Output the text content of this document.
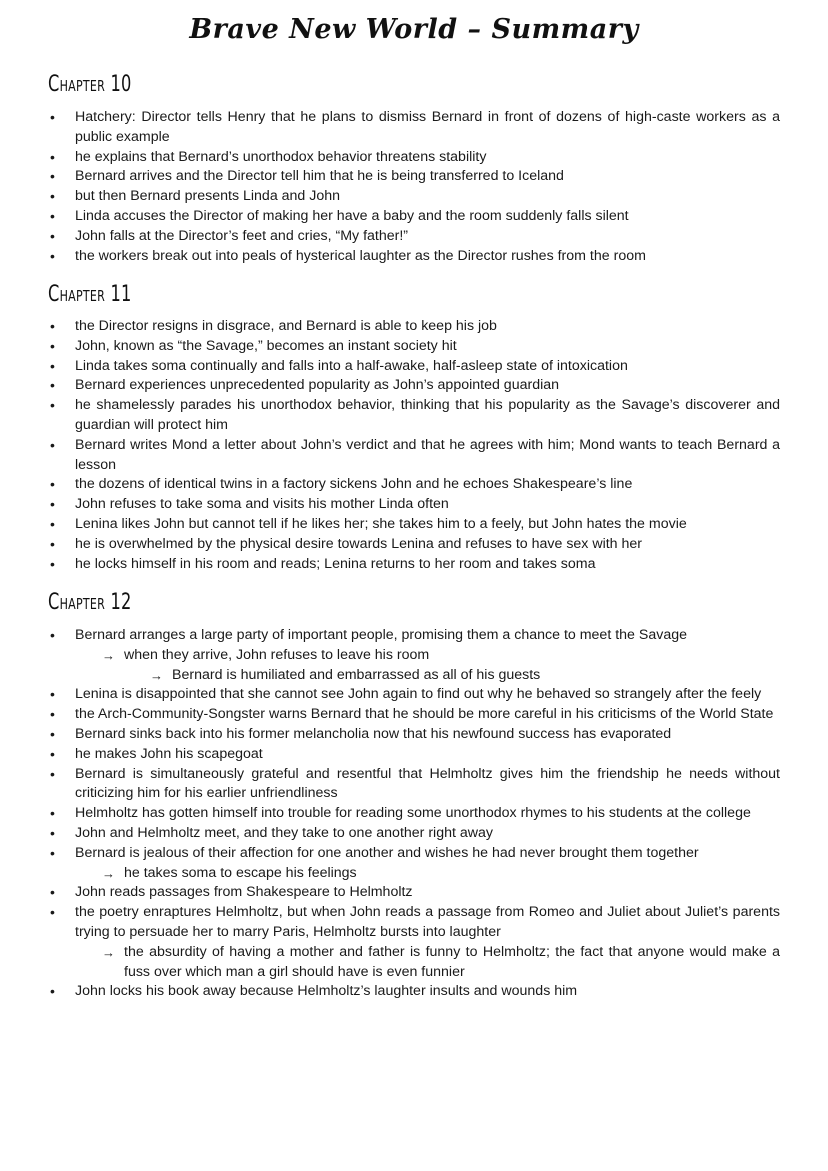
Brave New World – Summary
Chapter 10
• Hatchery: Director tells Henry that he plans to dismiss Bernard in front of dozens of high-caste workers as a public example
• he explains that Bernard’s unorthodox behavior threatens stability
• Bernard arrives and the Director tell him that he is being transferred to Iceland
• but then Bernard presents Linda and John
• Linda accuses the Director of making her have a baby and the room suddenly falls silent
• John falls at the Director’s feet and cries, “My father!”
• the workers break out into peals of hysterical laughter as the Director rushes from the room
Chapter 11
• the Director resigns in disgrace, and Bernard is able to keep his job
• John, known as “the Savage,” becomes an instant society hit
• Linda takes soma continually and falls into a half-awake, half-asleep state of intoxication
• Bernard experiences unprecedented popularity as John’s appointed guardian
• he shamelessly parades his unorthodox behavior, thinking that his popularity as the Savage’s discoverer and guardian will protect him
• Bernard writes Mond a letter about John’s verdict and that he agrees with him; Mond wants to teach Bernard a lesson
• the dozens of identical twins in a factory sickens John and he echoes Shakespeare’s line
• John refuses to take soma and visits his mother Linda often
• Lenina likes John but cannot tell if he likes her; she takes him to a feely, but John hates the movie
• he is overwhelmed by the physical desire towards Lenina and refuses to have sex with her
• he locks himself in his room and reads; Lenina returns to her room and takes soma
Chapter 12
• Bernard arranges a large party of important people, promising them a chance to meet the Savage
→ when they arrive, John refuses to leave his room
→ Bernard is humiliated and embarrassed as all of his guests
• Lenina is disappointed that she cannot see John again to find out why he behaved so strangely after the feely
• the Arch-Community-Songster warns Bernard that he should be more careful in his criticisms of the World State
• Bernard sinks back into his former melancholia now that his newfound success has evaporated
• he makes John his scapegoat
• Bernard is simultaneously grateful and resentful that Helmholtz gives him the friendship he needs without criticizing him for his earlier unfriendliness
• Helmholtz has gotten himself into trouble for reading some unorthodox rhymes to his students at the college
• John and Helmholtz meet, and they take to one another right away
• Bernard is jealous of their affection for one another and wishes he had never brought them together
→ he takes soma to escape his feelings
• John reads passages from Shakespeare to Helmholtz
• the poetry enraptures Helmholtz, but when John reads a passage from Romeo and Juliet about Juliet’s parents trying to persuade her to marry Paris, Helmholtz bursts into laughter
→ the absurdity of having a mother and father is funny to Helmholtz; the fact that anyone would make a fuss over which man a girl should have is even funnier
• John locks his book away because Helmholtz’s laughter insults and wounds him
